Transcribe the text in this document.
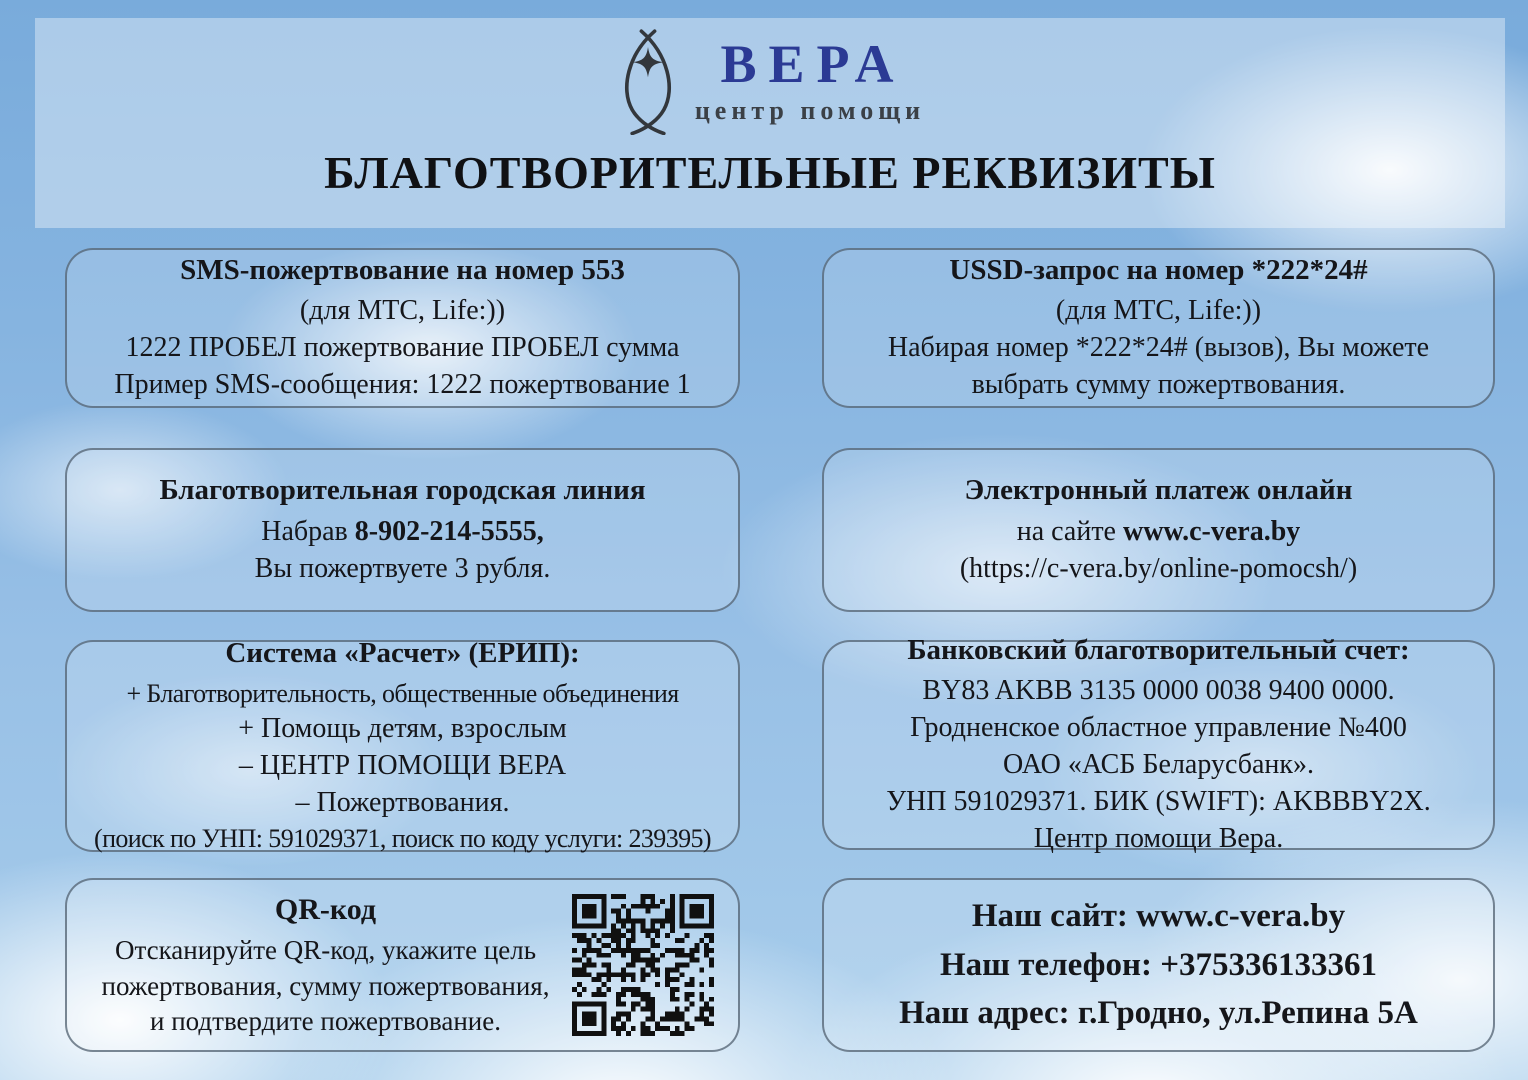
ВЕРА
центр помощи
БЛАГОТВОРИТЕЛЬНЫЕ РЕКВИЗИТЫ
SMS-пожертвование на номер 553

(для МТС, Life:))

1222 ПРОБЕЛ пожертвование ПРОБЕЛ сумма

Пример SMS-сообщения: 1222 пожертвование 1

USSD-запрос на номер *222*24#

(для МТС, Life:))

Набирая номер *222*24# (вызов), Вы можете

выбрать сумму пожертвования.

Благотворительная городская линия

Набрав 8-902-214-5555,

Вы пожертвуете 3 рубля.

Электронный платеж онлайн

на сайте www.c-vera.by

(https://c-vera.by/online-pomocsh/)

Система «Расчет» (ЕРИП):

+ Благотворительность, общественные объединения

+ Помощь детям, взрослым

– ЦЕНТР ПОМОЩИ ВЕРА

– Пожертвования.

(поиск по УНП: 591029371, поиск по коду услуги: 239395)

Банковский благотворительный счет:

BY83 AKBB 3135 0000 0038 9400 0000.

Гродненское областное управление №400

ОАО «АСБ Беларусбанк».

УНП 591029371. БИК (SWIFT): AKBBBY2X.

Центр помощи Вера.

QR-код

Отсканируйте QR-код, укажите цель

пожертвования, сумму пожертвования,

и подтвердите пожертвование.

Наш сайт: www.c-vera.by

Наш телефон: +375336133361

Наш адрес: г.Гродно, ул.Репина 5А
